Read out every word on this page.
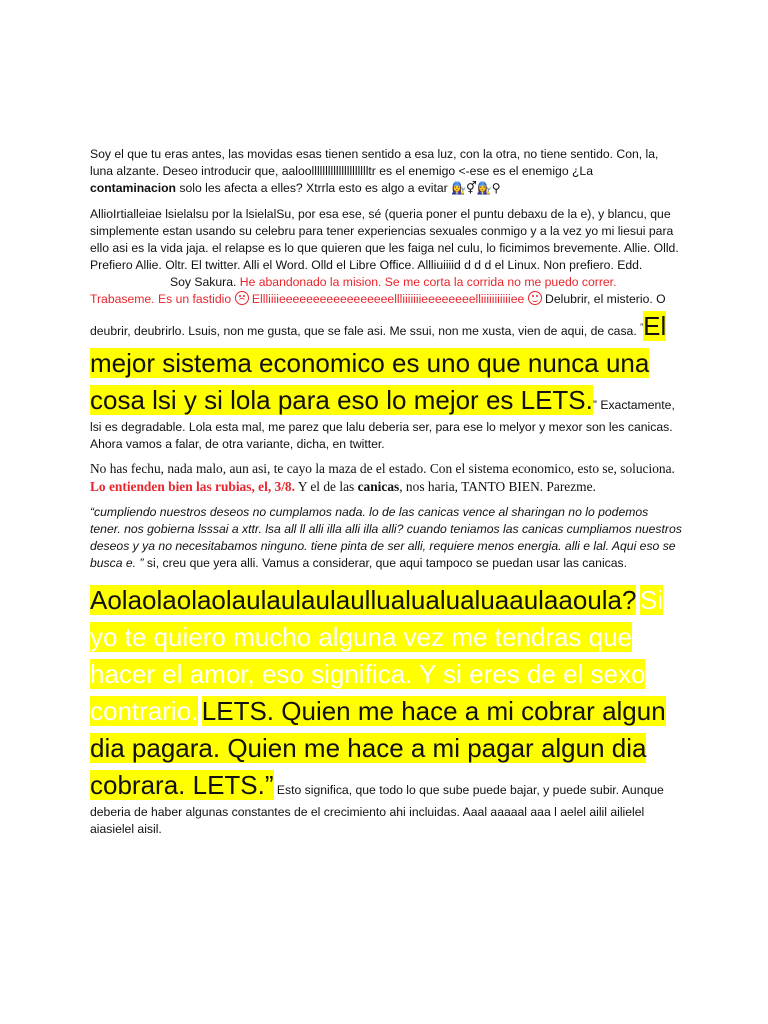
Soy el que tu eras antes, las movidas esas tienen sentido a esa luz, con la otra, no tiene sentido. Con, la, luna alzante. Deseo introducir que, aaloollllllllllllllllllllltr es el enemigo <-ese es el enemigo ¿La contaminacion solo les afecta a elles? Xtrrla esto es algo a evitar 👩‍🔧⚥👩‍🔧⚲

AllioIrtialleiae lsielalsu por la lsielalSu, por esa ese, sé (queria poner el puntu debaxu de la e), y blancu, que simplemente estan usando su celebru para tener experiencias sexuales conmigo y a la vez yo mi liesui para ello asi es la vida jaja. el relapse es lo que quieren que les faiga nel culu, lo ficimimos brevemente. Allie. Olld. Prefiero Allie. Oltr. El twitter. Alli el Word. Olld el Libre Office. Allliuiiiid d d d el Linux. Non prefiero. Edd.Soy Sakura. He abandonado la mision. Se me corta la corrida no me puedo correr. Trabaseme. Es un fastidio
Ellliiiieeeeeeeeeeeeeeeeellliiiiiiieeeeeeeelliiiiiiiiiiiee
Delubrir, el misterio. O deubrir, deubrirlo. Lsuis, non me gusta, que se fale asi. Me ssui, non me xusta, vien de aqui, de casa. ”El mejor sistema economico es uno que nunca una cosa lsi y si lola para eso lo mejor es LETS.” Exactamente, lsi es degradable. Lola esta mal, me parez que lalu deberia ser, para ese lo melyor y mexor son les canicas. Ahora vamos a falar, de otra variante, dicha, en twitter.

No has fechu, nada malo, aun asi, te cayo la maza de el estado. Con el sistema economico, esto se, soluciona. Lo entienden bien las rubias, el, 3/8. Y el de las canicas, nos haria, TANTO BIEN. Parezme.

“cumpliendo nuestros deseos no cumplamos nada. lo de las canicas vence al sharingan no lo podemos tener. nos gobierna lsssai a xttr. lsa all ll alli illa alli illa alli? cuando teniamos las canicas cumpliamos nuestros deseos y ya no necesitabamos ninguno. tiene pinta de ser alli, requiere menos energia. alli e lal. Aqui eso se busca e. ” si, creu que yera alli. Vamus a considerar, que aqui tampoco se puedan usar las canicas.

Aolaolaolaolaulaulaulaullualualualuaaulaaoula? Si yo te quiero mucho alguna vez me tendras que hacer el amor, eso significa. Y si eres de el sexo contrario. LETS. Quien me hace a mi cobrar algun dia pagara. Quien me hace a mi pagar algun dia cobrara. LETS.” Esto significa, que todo lo que sube puede bajar, y puede subir. Aunque deberia de haber algunas constantes de el crecimiento ahi incluidas. Aaal aaaaal aaa l aelel ailil ailielel aiasielel aisil.
